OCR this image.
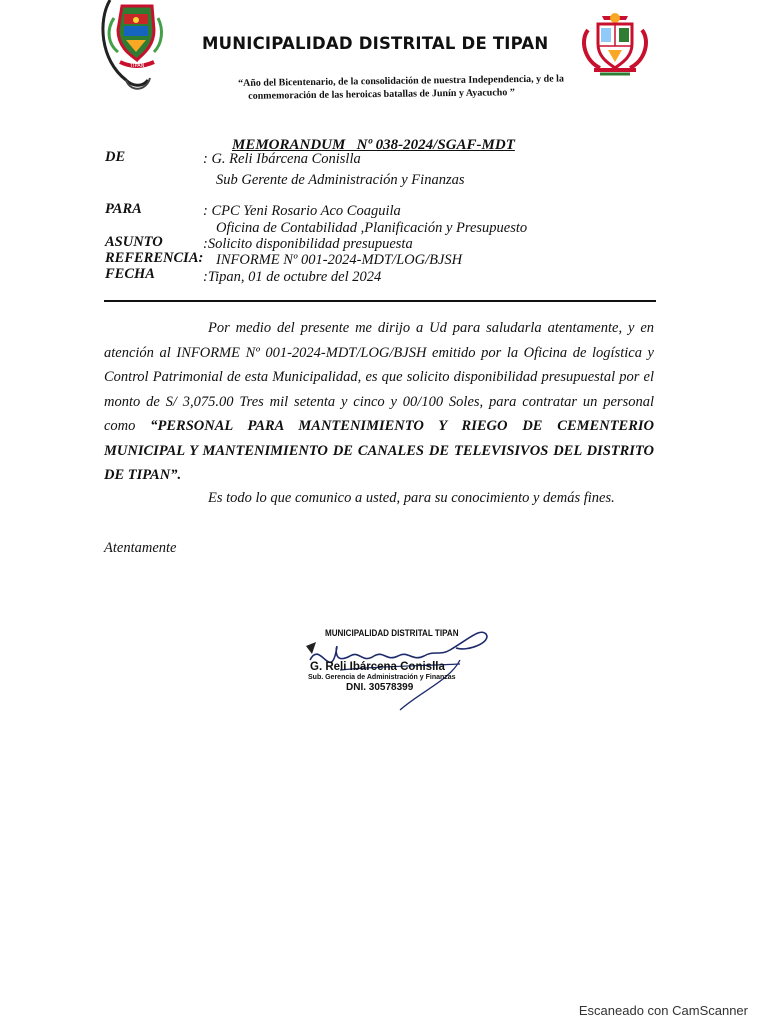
TIPAN
MUNICIPALIDAD DISTRITAL DE TIPAN
“Año del Bicentenario, de la consolidación de nuestra Independencia, y de la
conmemoración de las heroicas batallas de Junín y Ayacucho ”
MEMORANDUM   Nº 038-2024/SGAF-MDT
DE	: G. Reli Ibárcena Conislla
Sub Gerente de Administración y Finanzas
PARA	: CPC Yeni Rosario Aco Coaguila
Oficina de Contabilidad ,Planificación y Presupuesto
ASUNTO	:Solicito disponibilidad presupuesta
REFERENCIA: INFORME Nº 001-2024-MDT/LOG/BJSH
FECHA	:Tipan, 01 de octubre del 2024
Por medio del presente me dirijo a Ud para saludarla atentamente, y en atención al INFORME Nº 001-2024-MDT/LOG/BJSH emitido por la Oficina de logística y Control Patrimonial de esta Municipalidad, es que solicito disponibilidad presupuestal por el monto de S/ 3,075.00 Tres mil setenta y cinco y 00/100 Soles, para contratar un personal como “PERSONAL PARA MANTENIMIENTO Y RIEGO DE CEMENTERIO MUNICIPAL Y MANTENIMIENTO DE CANALES DE TELEVISIVOS DEL DISTRITO DE TIPAN”.
Es todo lo que comunico a usted, para su conocimiento y demás fines.
Atentamente
MUNICIPALIDAD DISTRITAL TIPAN
G. Reli Ibárcena Conislla
Sub. Gerencia de Administración y Finanzas
DNI. 30578399
Escaneado con CamScanner
